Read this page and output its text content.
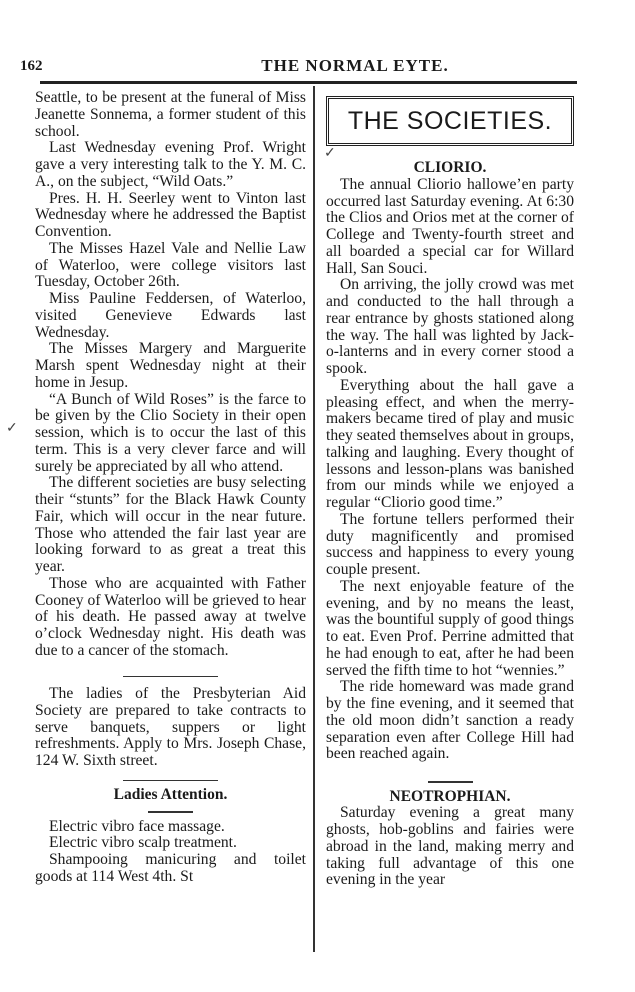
162	THE NORMAL EYTE.
✓

Seattle, to be present at the funeral of Miss Jeanette Sonnema, a former student of this school.

Last Wednesday evening Prof. Wright gave a very interesting talk to the Y. M. C. A., on the subject, “Wild Oats.”

Pres. H. H. Seerley went to Vinton last Wednesday where he addressed the Baptist Convention.

The Misses Hazel Vale and Nellie Law of Waterloo, were college visitors last Tuesday, October 26th.

Miss Pauline Feddersen, of Waterloo, visited Genevieve Edwards last Wednesday.

The Misses Margery and Marguerite Marsh spent Wednesday night at their home in Jesup.

“A Bunch of Wild Roses” is the farce to be given by the Clio Society in their open session, which is to occur the last of this term. This is a very clever farce and will surely be appreciated by all who attend.

The different societies are busy selecting their “stunts” for the Black Hawk County Fair, which will occur in the near future. Those who attended the fair last year are looking forward to as great a treat this year.

Those who are acquainted with Father Cooney of Waterloo will be grieved to hear of his death. He passed away at twelve o’clock Wednesday night. His death was due to a cancer of the stomach.

The ladies of the Presbyterian Aid Society are prepared to take contracts to serve banquets, suppers or light refreshments. Apply to Mrs. Joseph Chase, 124 W. Sixth street.

Ladies Attention.

Electric vibro face massage.

Electric vibro scalp treatment.

Shampooing manicuring and toilet goods at 114 West 4th. St

THE SOCIETIES.
✓
CLIORIO.

The annual Cliorio hallowe’en party occurred last Saturday evening. At 6:30 the Clios and Orios met at the corner of College and Twenty-fourth street and all boarded a special car for Willard Hall, San Souci.

On arriving, the jolly crowd was met and conducted to the hall through a rear entrance by ghosts stationed along the way. The hall was lighted by Jack-o-lanterns and in every corner stood a spook.

Everything about the hall gave a pleasing effect, and when the merry-makers became tired of play and music they seated themselves about in groups, talking and laughing. Every thought of lessons and lesson-plans was banished from our minds while we enjoyed a regular “Cliorio good time.”

The fortune tellers performed their duty magnificently and promised success and happiness to every young couple present.

The next enjoyable feature of the evening, and by no means the least, was the bountiful supply of good things to eat. Even Prof. Perrine admitted that he had enough to eat, after he had been served the fifth time to hot “wennies.”

The ride homeward was made grand by the fine evening, and it seemed that the old moon didn’t sanction a ready separation even after College Hill had been reached again.

NEOTROPHIAN.

Saturday evening a great many ghosts, hob-goblins and fairies were abroad in the land, making merry and taking full advantage of this one evening in the year
